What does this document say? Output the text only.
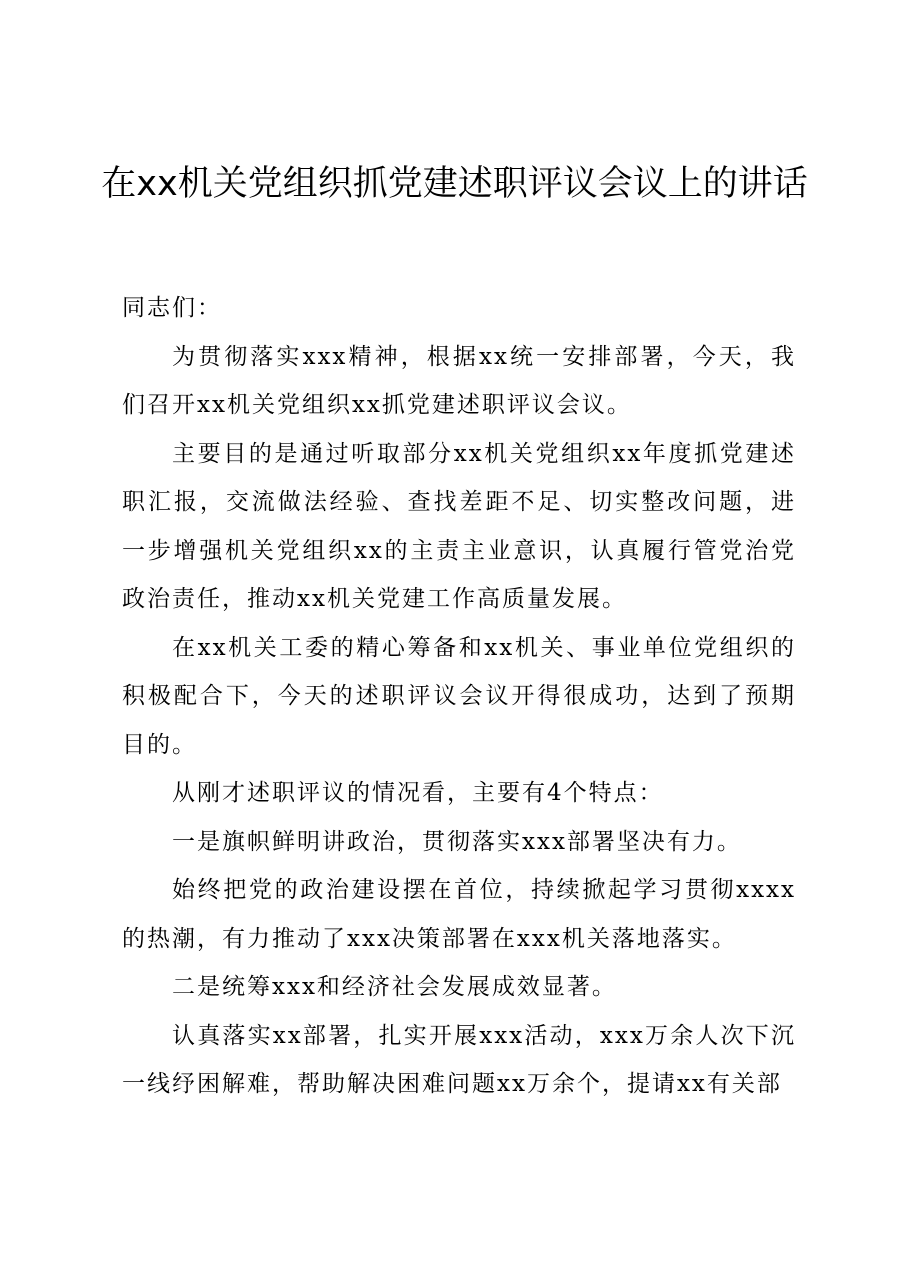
在xx机关党组织抓党建述职评议会议上的讲话

同志们：

为贯彻落实xxx精神，根据xx统一安排部署，今天，我们召开xx机关党组织xx抓党建述职评议会议。

主要目的是通过听取部分xx机关党组织xx年度抓党建述职汇报，交流做法经验、查找差距不足、切实整改问题，进一步增强机关党组织xx的主责主业意识，认真履行管党治党政治责任，推动xx机关党建工作高质量发展。

在xx机关工委的精心筹备和xx机关、事业单位党组织的积极配合下，今天的述职评议会议开得很成功，达到了预期目的。

从刚才述职评议的情况看，主要有4个特点：

一是旗帜鲜明讲政治，贯彻落实xxx部署坚决有力。

始终把党的政治建设摆在首位，持续掀起学习贯彻xxxx的热潮，有力推动了xxx决策部署在xxx机关落地落实。

二是统筹xxx和经济社会发展成效显著。

认真落实xx部署，扎实开展xxx活动，xxx万余人次下沉一线纾困解难，帮助解决困难问题xx万余个，提请xx有关部
